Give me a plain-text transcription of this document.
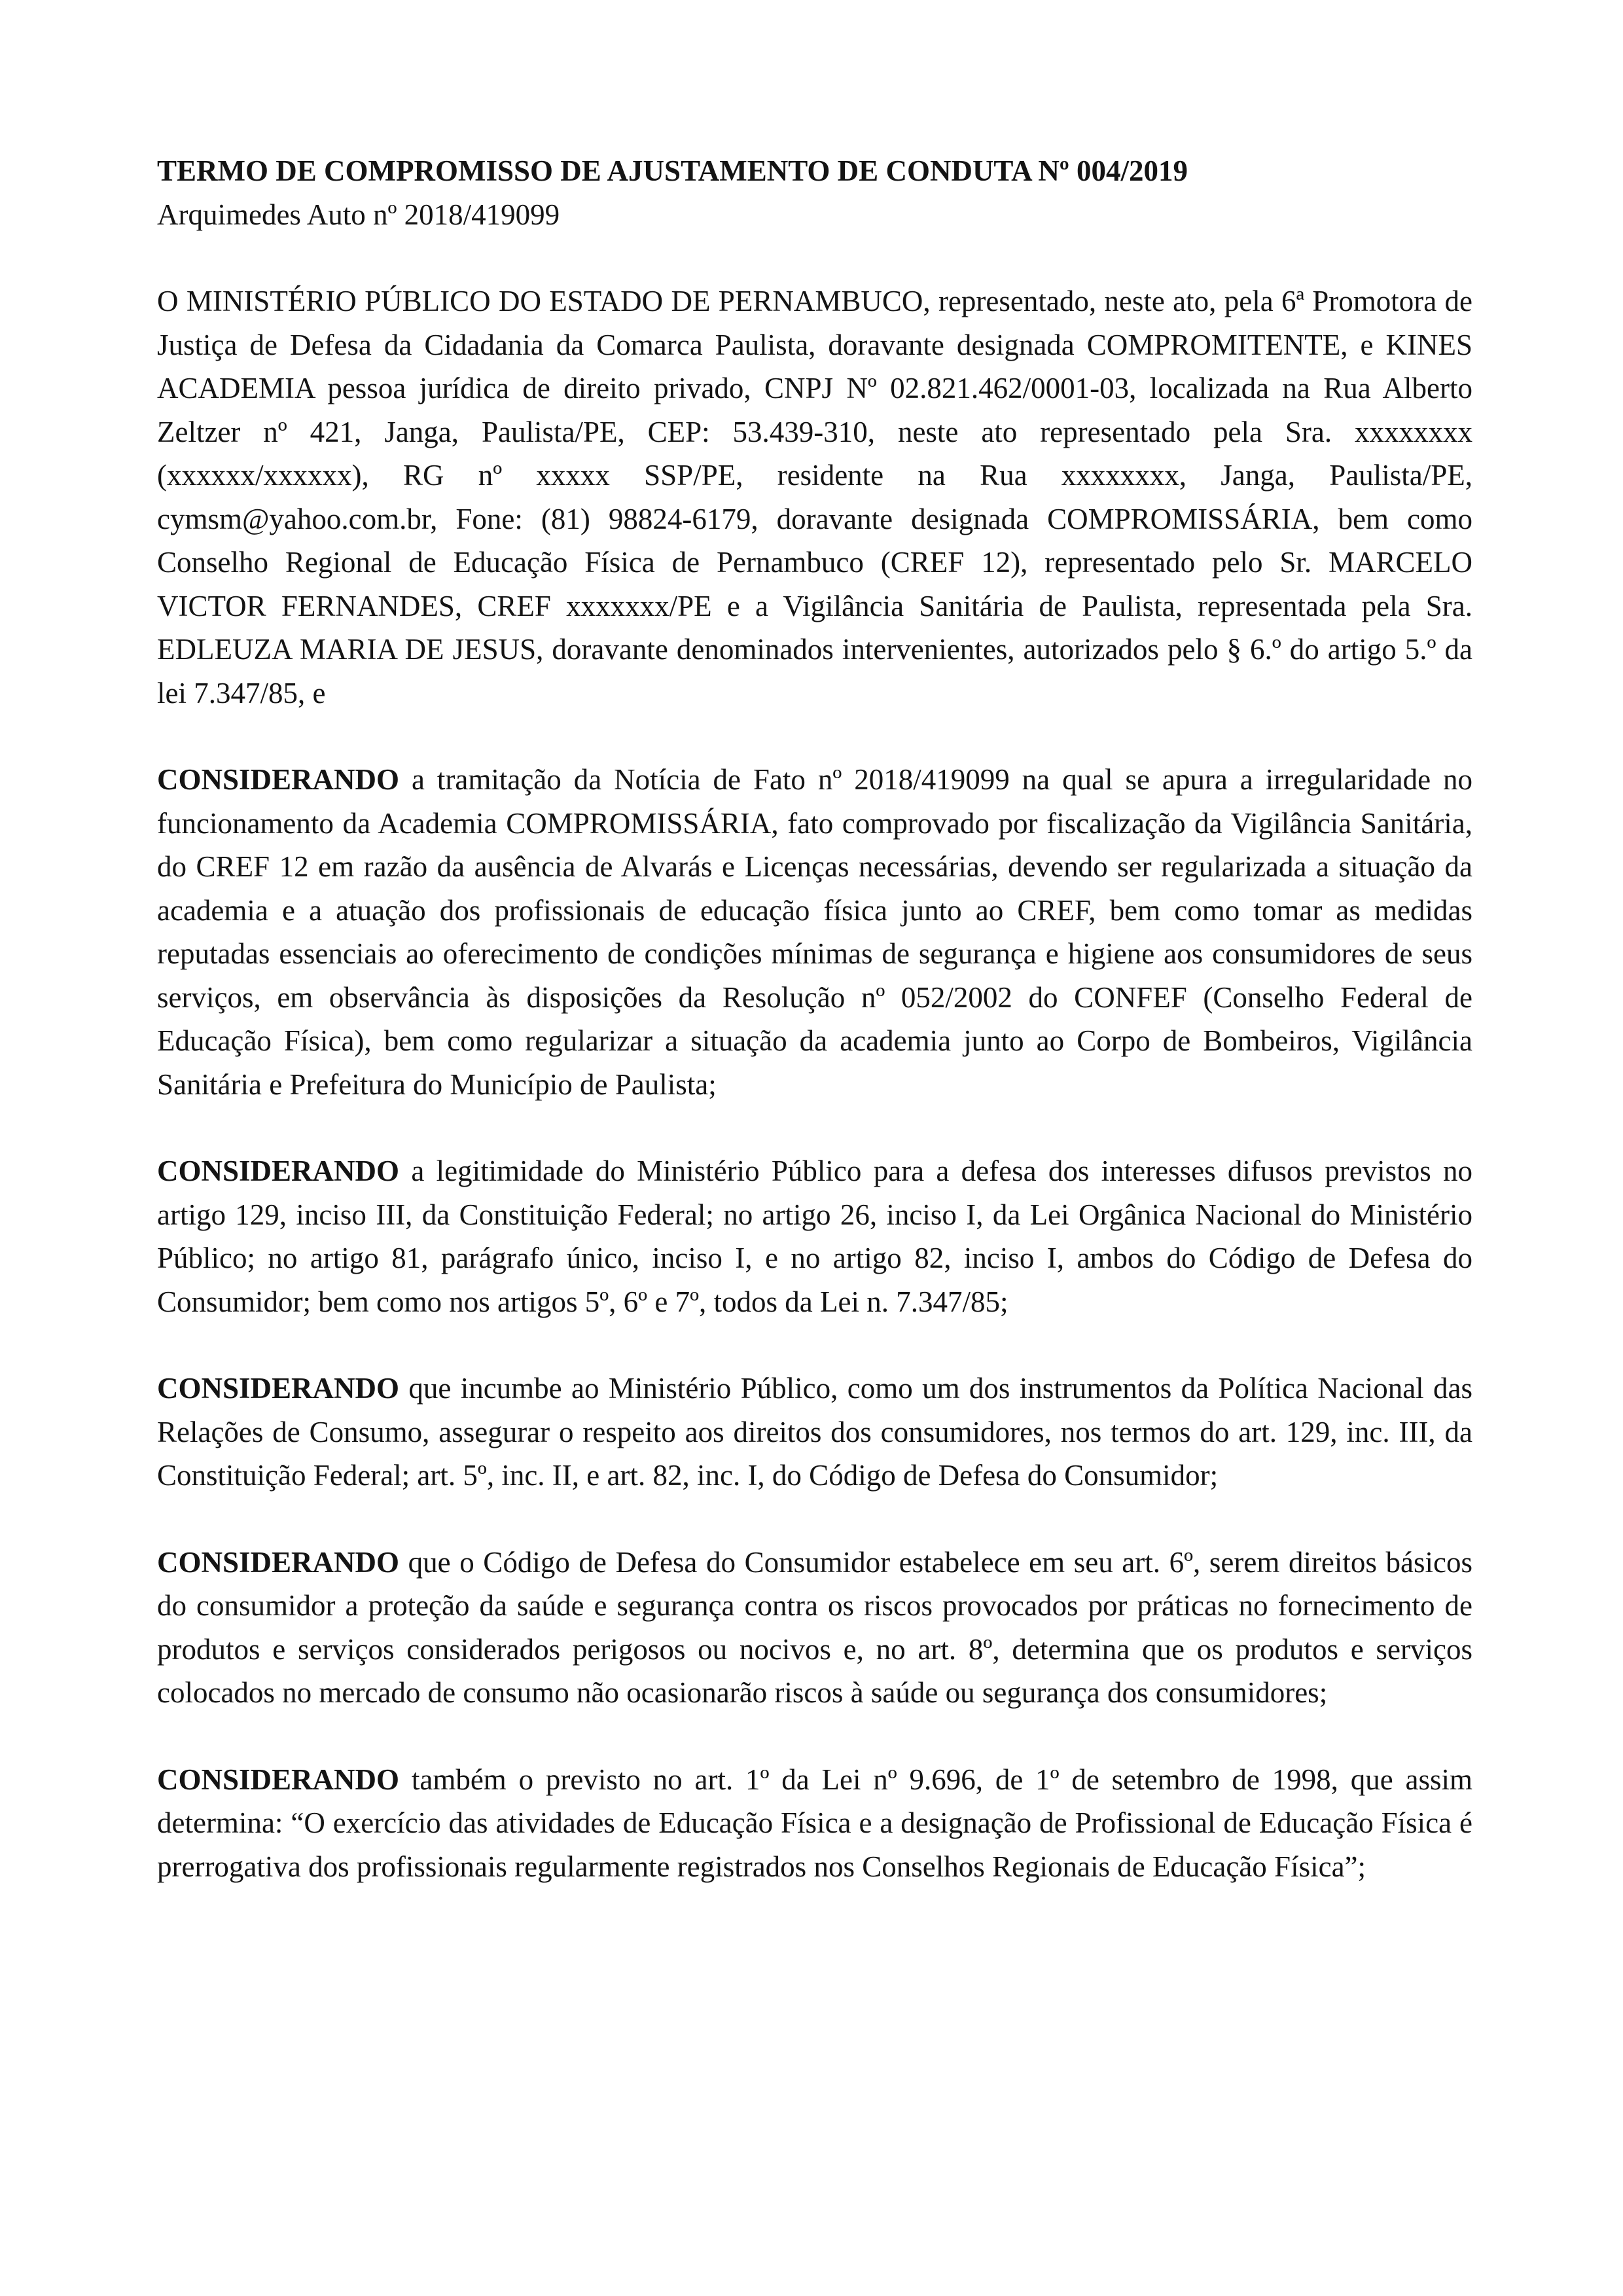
TERMO DE COMPROMISSO DE AJUSTAMENTO DE CONDUTA Nº 004/2019

Arquimedes Auto nº 2018/419099

O MINISTÉRIO PÚBLICO DO ESTADO DE PERNAMBUCO, representado, neste ato, pela 6ª Promotora de Justiça de Defesa da Cidadania da Comarca Paulista, doravante designada COMPROMITENTE, e KINES ACADEMIA pessoa jurídica de direito privado, CNPJ Nº 02.821.462/0001-03, localizada na Rua Alberto Zeltzer nº 421, Janga, Paulista/PE, CEP: 53.439-310, neste ato representado pela Sra. xxxxxxxx (xxxxxx/xxxxxx), RG nº xxxxx SSP/PE, residente na Rua xxxxxxxx, Janga, Paulista/PE, cymsm@yahoo.com.br, Fone: (81) 98824-6179, doravante designada COMPROMISSÁRIA, bem como Conselho Regional de Educação Física de Pernambuco (CREF 12), representado pelo Sr. MARCELO VICTOR FERNANDES, CREF xxxxxxx/PE e a Vigilância Sanitária de Paulista, representada pela Sra. EDLEUZA MARIA DE JESUS, doravante denominados intervenientes, autorizados pelo § 6.º do artigo 5.º da lei 7.347/85, e

CONSIDERANDO a tramitação da Notícia de Fato nº 2018/419099 na qual se apura a irregularidade no funcionamento da Academia COMPROMISSÁRIA, fato comprovado por fiscalização da Vigilância Sanitária, do CREF 12 em razão da ausência de Alvarás e Licenças necessárias, devendo ser regularizada a situação da academia e a atuação dos profissionais de educação física junto ao CREF, bem como tomar as medidas reputadas essenciais ao oferecimento de condições mínimas de segurança e higiene aos consumidores de seus serviços, em observância às disposições da Resolução nº 052/2002 do CONFEF (Conselho Federal de Educação Física), bem como regularizar a situação da academia junto ao Corpo de Bombeiros, Vigilância Sanitária e Prefeitura do Município de Paulista;

CONSIDERANDO a legitimidade do Ministério Público para a defesa dos interesses difusos previstos no artigo 129, inciso III, da Constituição Federal; no artigo 26, inciso I, da Lei Orgânica Nacional do Ministério Público; no artigo 81, parágrafo único, inciso I, e no artigo 82, inciso I, ambos do Código de Defesa do Consumidor; bem como nos artigos 5º, 6º e 7º, todos da Lei n. 7.347/85;

CONSIDERANDO que incumbe ao Ministério Público, como um dos instrumentos da Política Nacional das Relações de Consumo, assegurar o respeito aos direitos dos consumidores, nos termos do art. 129, inc. III, da Constituição Federal; art. 5º, inc. II, e art. 82, inc. I, do Código de Defesa do Consumidor;

CONSIDERANDO que o Código de Defesa do Consumidor estabelece em seu art. 6º, serem direitos básicos do consumidor a proteção da saúde e segurança contra os riscos provocados por práticas no fornecimento de produtos e serviços considerados perigosos ou nocivos e, no art. 8º, determina que os produtos e serviços colocados no mercado de consumo não ocasionarão riscos à saúde ou segurança dos consumidores;

CONSIDERANDO também o previsto no art. 1º da Lei nº 9.696, de 1º de setembro de 1998, que assim determina: “O exercício das atividades de Educação Física e a designação de Profissional de Educação Física é prerrogativa dos profissionais regularmente registrados nos Conselhos Regionais de Educação Física”;
